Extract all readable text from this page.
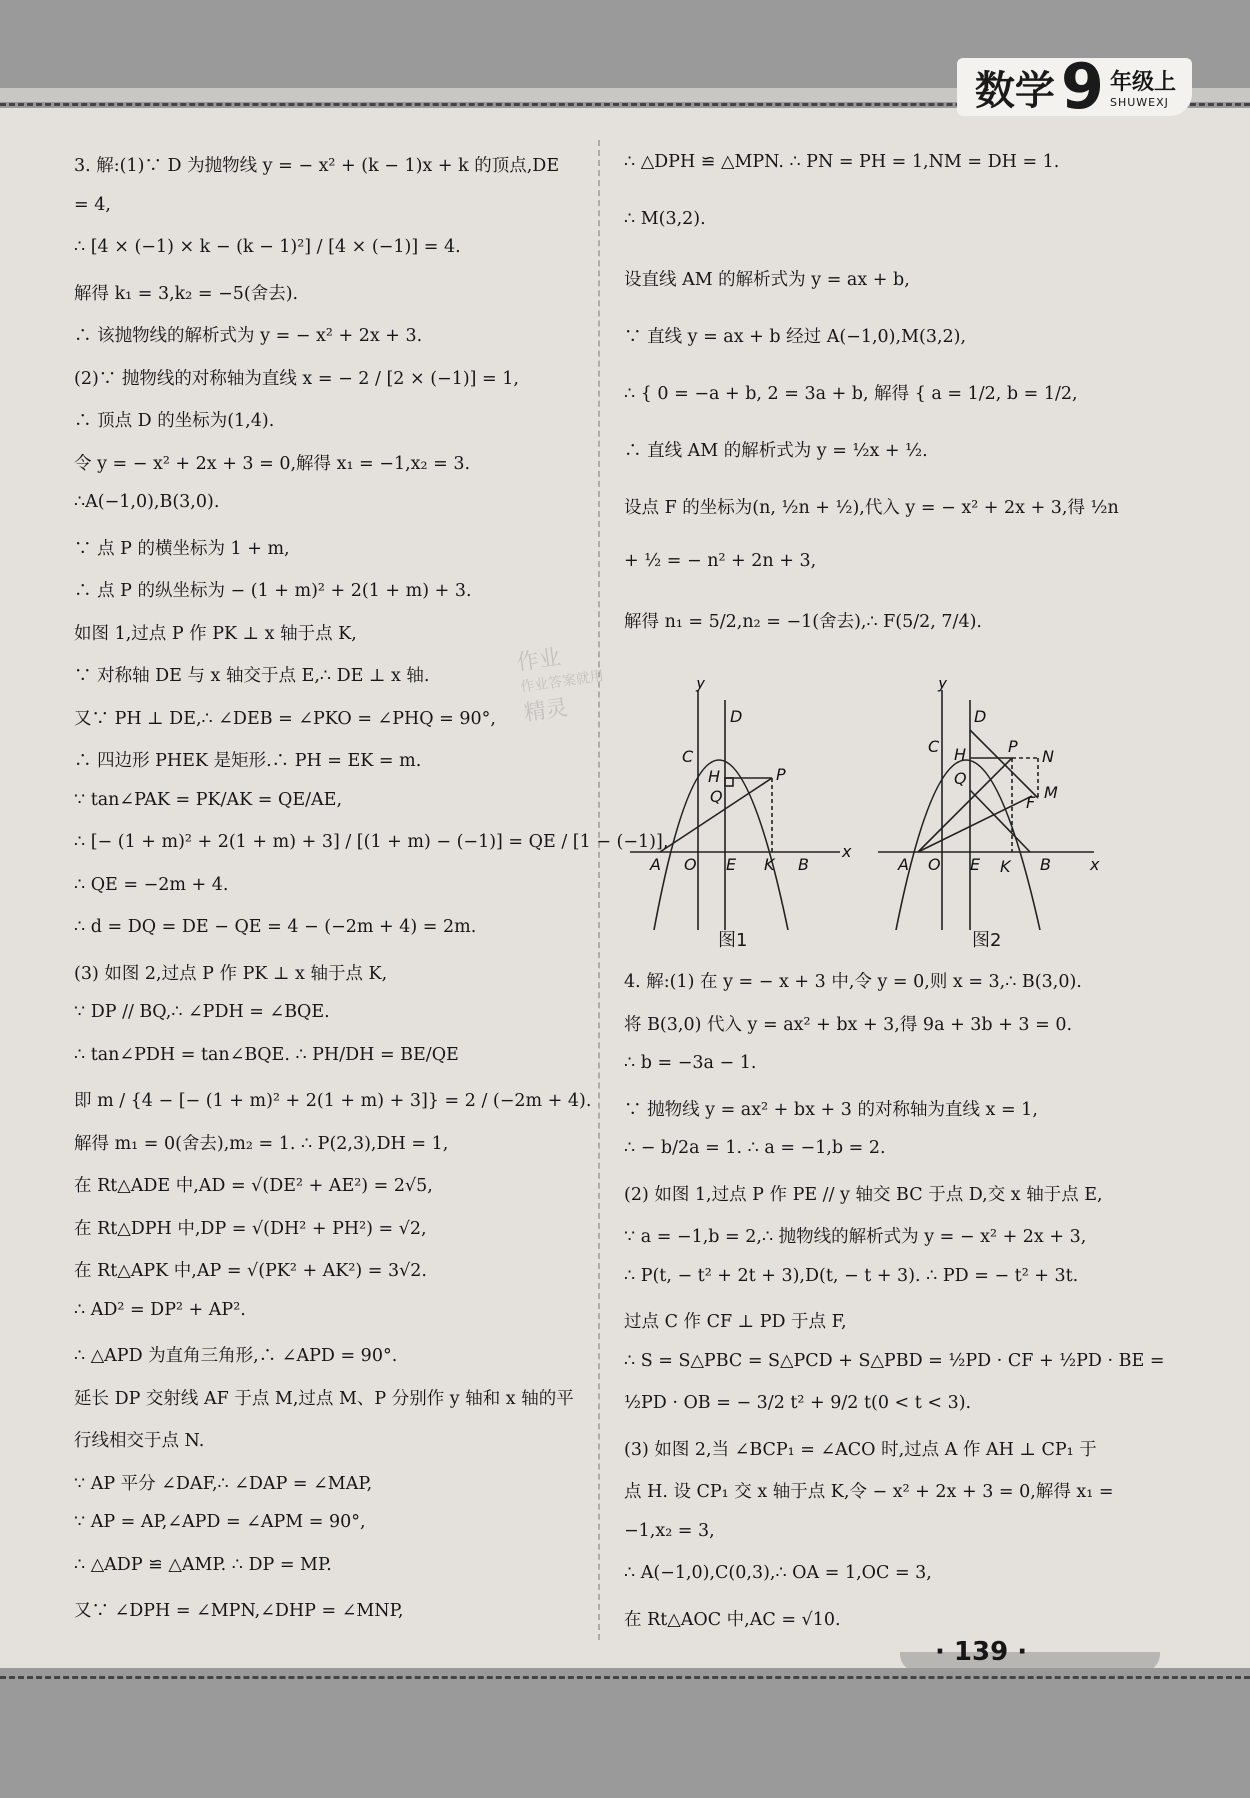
数学 9 年级上
SHUWEXJ
3. 解:(1)∵ D 为抛物线 y = − x² + (k − 1)x + k 的顶点,DE
= 4,
∴ [4 × (−1) × k − (k − 1)²] / [4 × (−1)] = 4.
解得 k₁ = 3,k₂ = −5(舍去).
∴ 该抛物线的解析式为 y = − x² + 2x + 3.
(2)∵ 抛物线的对称轴为直线 x = − 2 / [2 × (−1)] = 1,
∴ 顶点 D 的坐标为(1,4).
令 y = − x² + 2x + 3 = 0,解得 x₁ = −1,x₂ = 3.
∴A(−1,0),B(3,0).
∵ 点 P 的横坐标为 1 + m,
∴ 点 P 的纵坐标为 − (1 + m)² + 2(1 + m) + 3.
如图 1,过点 P 作 PK ⊥ x 轴于点 K,
∵ 对称轴 DE 与 x 轴交于点 E,∴ DE ⊥ x 轴.
又∵ PH ⊥ DE,∴ ∠DEB = ∠PKO = ∠PHQ = 90°,
∴ 四边形 PHEK 是矩形.∴ PH = EK = m.
∵ tan∠PAK = PK/AK = QE/AE,
∴ [− (1 + m)² + 2(1 + m) + 3] / [(1 + m) − (−1)] = QE / [1 − (−1)],
∴ QE = −2m + 4.
∴ d = DQ = DE − QE = 4 − (−2m + 4) = 2m.
(3) 如图 2,过点 P 作 PK ⊥ x 轴于点 K,
∵ DP // BQ,∴ ∠PDH = ∠BQE.
∴ tan∠PDH = tan∠BQE. ∴ PH/DH = BE/QE
即 m / {4 − [− (1 + m)² + 2(1 + m) + 3]} = 2 / (−2m + 4).
解得 m₁ = 0(舍去),m₂ = 1. ∴ P(2,3),DH = 1,
在 Rt△ADE 中,AD = √(DE² + AE²) = 2√5,
在 Rt△DPH 中,DP = √(DH² + PH²) = √2,
在 Rt△APK 中,AP = √(PK² + AK²) = 3√2.
∴ AD² = DP² + AP².
∴ △APD 为直角三角形,∴ ∠APD = 90°.
延长 DP 交射线 AF 于点 M,过点 M、P 分别作 y 轴和 x 轴的平
行线相交于点 N.
∵ AP 平分 ∠DAF,∴ ∠DAP = ∠MAP,
∵ AP = AP,∠APD = ∠APM = 90°,
∴ △ADP ≌ △AMP. ∴ DP = MP.
又∵ ∠DPH = ∠MPN,∠DHP = ∠MNP,
∴ △DPH ≌ △MPN. ∴ PN = PH = 1,NM = DH = 1.
∴ M(3,2).
设直线 AM 的解析式为 y = ax + b,
∵ 直线 y = ax + b 经过 A(−1,0),M(3,2),
∴ { 0 = −a + b, 2 = 3a + b, 解得 { a = 1/2, b = 1/2,
∴ 直线 AM 的解析式为 y = ½x + ½.
设点 F 的坐标为(n, ½n + ½),代入 y = − x² + 2x + 3,得 ½n
+ ½ = − n² + 2n + 3,
解得 n₁ = 5/2,n₂ = −1(舍去),∴ F(5/2, 7/4).
4. 解:(1) 在 y = − x + 3 中,令 y = 0,则 x = 3,∴ B(3,0).
将 B(3,0) 代入 y = ax² + bx + 3,得 9a + 3b + 3 = 0.
∴ b = −3a − 1.
∵ 抛物线 y = ax² + bx + 3 的对称轴为直线 x = 1,
∴ − b/2a = 1. ∴ a = −1,b = 2.
(2) 如图 1,过点 P 作 PE // y 轴交 BC 于点 D,交 x 轴于点 E,
∵ a = −1,b = 2,∴ 抛物线的解析式为 y = − x² + 2x + 3,
∴ P(t, − t² + 2t + 3),D(t, − t + 3). ∴ PD = − t² + 3t.
过点 C 作 CF ⊥ PD 于点 F,
∴ S = S△PBC = S△PCD + S△PBD = ½PD · CF + ½PD · BE =
½PD · OB = − 3/2 t² + 9/2 t(0 < t < 3).
(3) 如图 2,当 ∠BCP₁ = ∠ACO 时,过点 A 作 AH ⊥ CP₁ 于
点 H. 设 CP₁ 交 x 轴于点 K,令 − x² + 2x + 3 = 0,解得 x₁ =
−1,x₂ = 3,
∴ A(−1,0),C(0,3),∴ OA = 1,OC = 3,
在 Rt△AOC 中,AC = √10.
y
x
D
C
H
Q
P
A O E K B
y
x
D
C H
Q
P
N
M
F
A O E K B
图1	图2
作业
作业答案就用
精灵
· 139 ·
